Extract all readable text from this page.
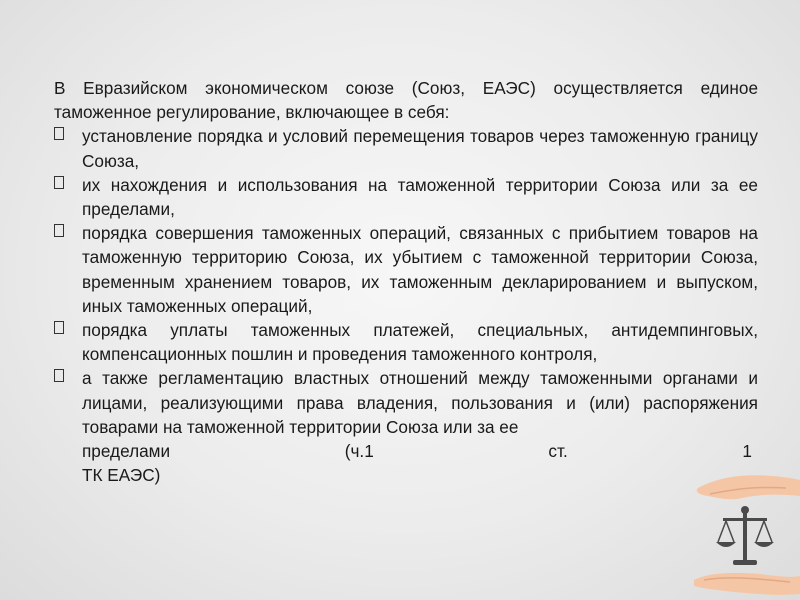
В Евразийском экономическом союзе (Союз, ЕАЭС) осуществляется единое таможенное регулирование, включающее в себя:

установление порядка и условий перемещения товаров через таможенную границу Союза,
их нахождения и использования на таможенной территории Союза или за ее пределами,
порядка совершения таможенных операций, связанных с прибытием товаров на таможенную территорию Союза, их убытием с таможенной территории Союза, временным хранением товаров, их таможенным декларированием и выпуском, иных таможенных операций,
порядка уплаты таможенных платежей, специальных, антидемпинговых, компенсационных пошлин и проведения таможенного контроля,
а также регламентацию властных отношений между таможенными органами и лицами, реализующими права владения, пользования и (или) распоряжения товарами на таможенной территории Союза или за ее
пределами	(ч.1	ст.	1
ТК ЕАЭС)
